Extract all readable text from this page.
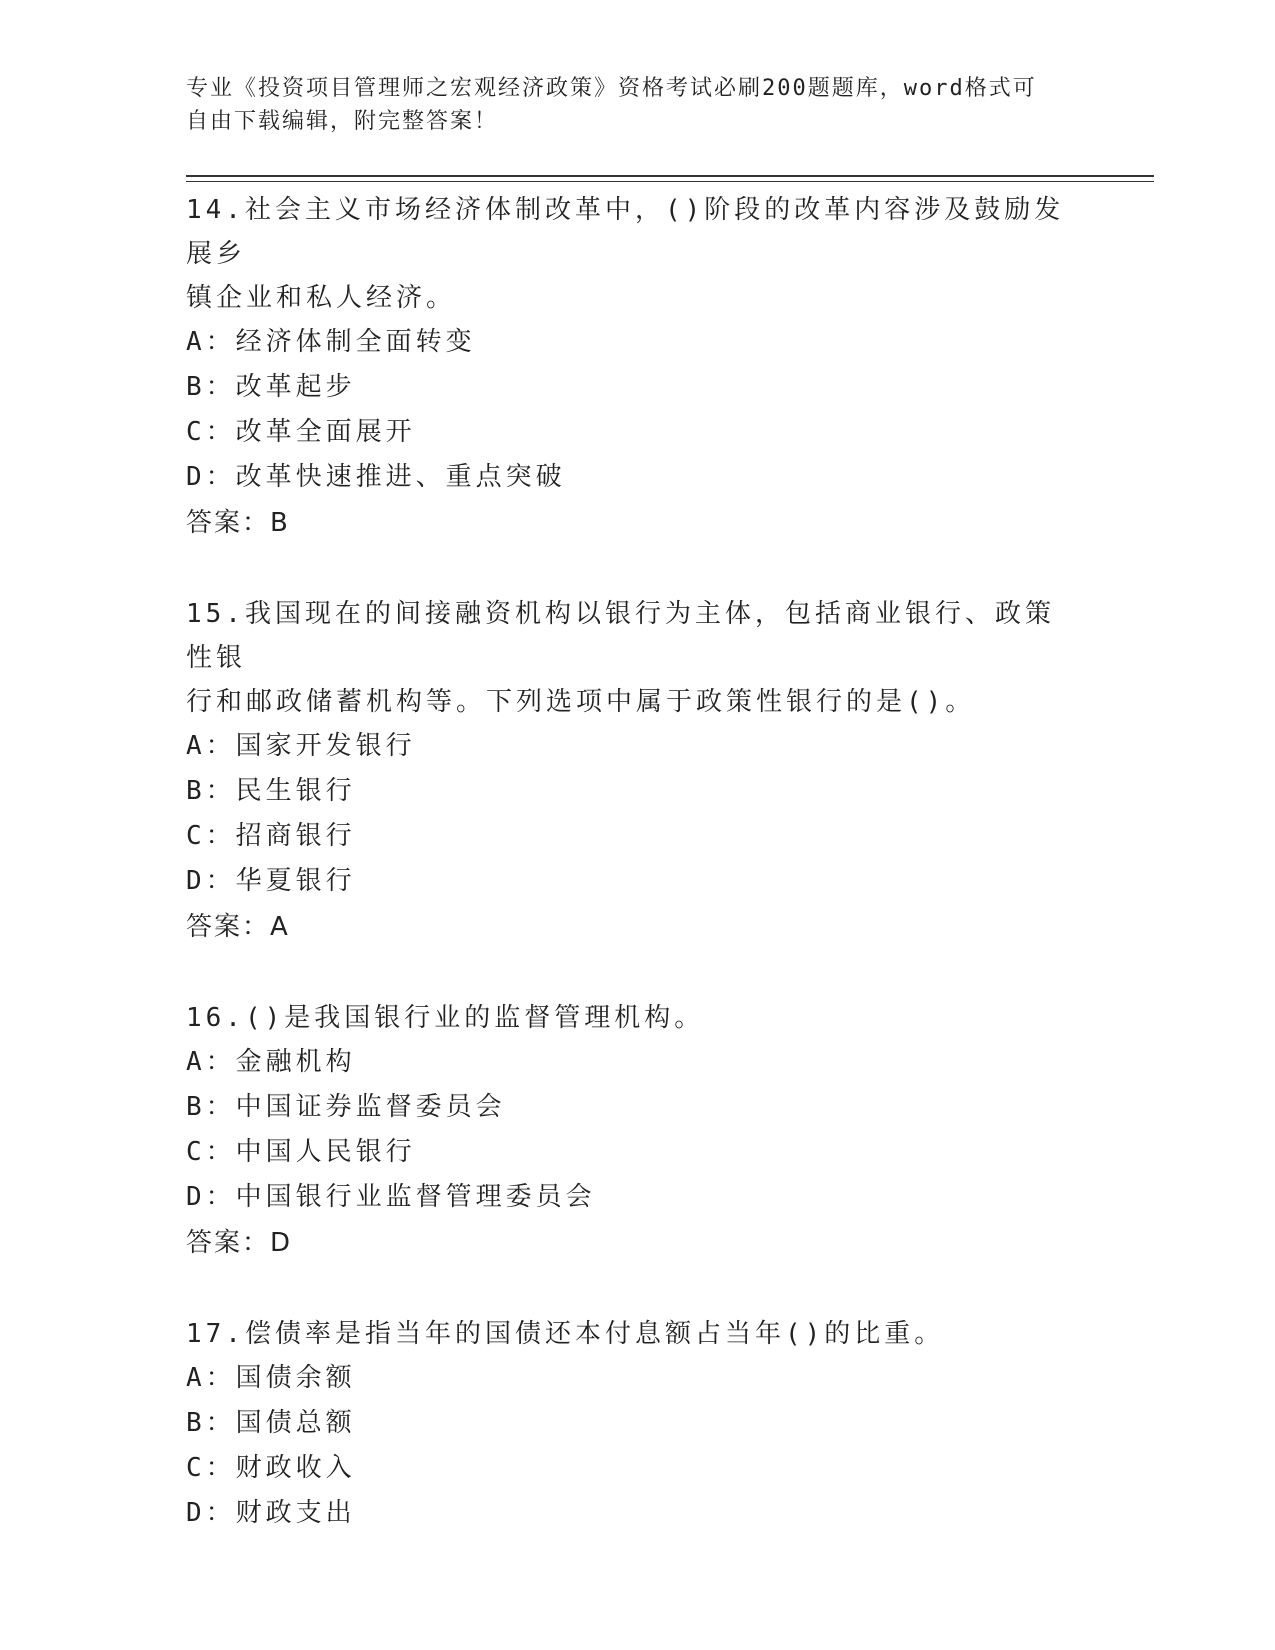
专业《投资项目管理师之宏观经济政策》资格考试必刷200题题库，word格式可
自由下载编辑，附完整答案！
14.社会主义市场经济体制改革中，()阶段的改革内容涉及鼓励发展乡
镇企业和私人经济。
A：经济体制全面转变
B：改革起步
C：改革全面展开
D：改革快速推进、重点突破
答案：B
15.我国现在的间接融资机构以银行为主体，包括商业银行、政策性银
行和邮政储蓄机构等。下列选项中属于政策性银行的是()。
A：国家开发银行
B：民生银行
C：招商银行
D：华夏银行
答案：A
16.()是我国银行业的监督管理机构。
A：金融机构
B：中国证券监督委员会
C：中国人民银行
D：中国银行业监督管理委员会
答案：D
17.偿债率是指当年的国债还本付息额占当年()的比重。
A：国债余额
B：国债总额
C：财政收入
D：财政支出
